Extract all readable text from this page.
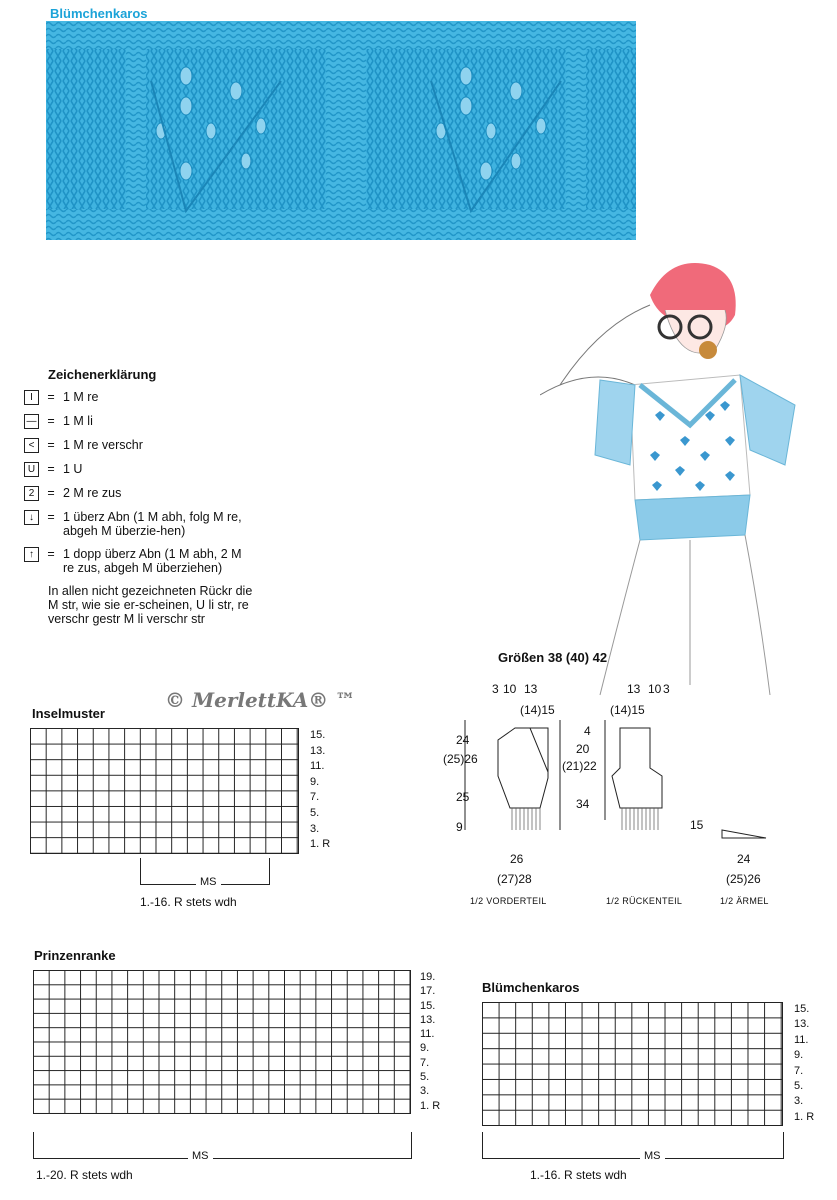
Blümchenkaros
Zeichenerklärung
I	= 1 M re
— = 1 M li
<	= 1 M re verschr
U = 1 U
2	= 2 M re zus
↓	= 1 überz Abn (1 M abh, folg M re, abgeh M überzie-hen)
↑	= 1 dopp überz Abn (1 M abh, 2 M re zus, abgeh M überziehen)
In allen nicht gezeichneten Rückr die M str, wie sie er-scheinen, U li str, re verschr gestr M li verschr str
© MerlettKA® ™
Größen 38 (40) 42
Inselmuster
15.
13.
11.
9.
7.
5.
3.
1. R
MS
1.-16. R stets wdh
3 10 13
(14)15
24
(25)26
25
9
26
(27)28
1/2 VORDERTEIL
13 10 3
(14)15
4
20
(21)22
34
1/2 RÜCKENTEIL
15
24
(25)26
1/2 ÄRMEL
Prinzenranke
19.
17.
15.
13.
11.
9.
7.
5.
3.
1. R
MS
1.-20. R stets wdh
Blümchenkaros
15.
13.
11.
9.
7.
5.
3.
1. R
MS
1.-16. R stets wdh
